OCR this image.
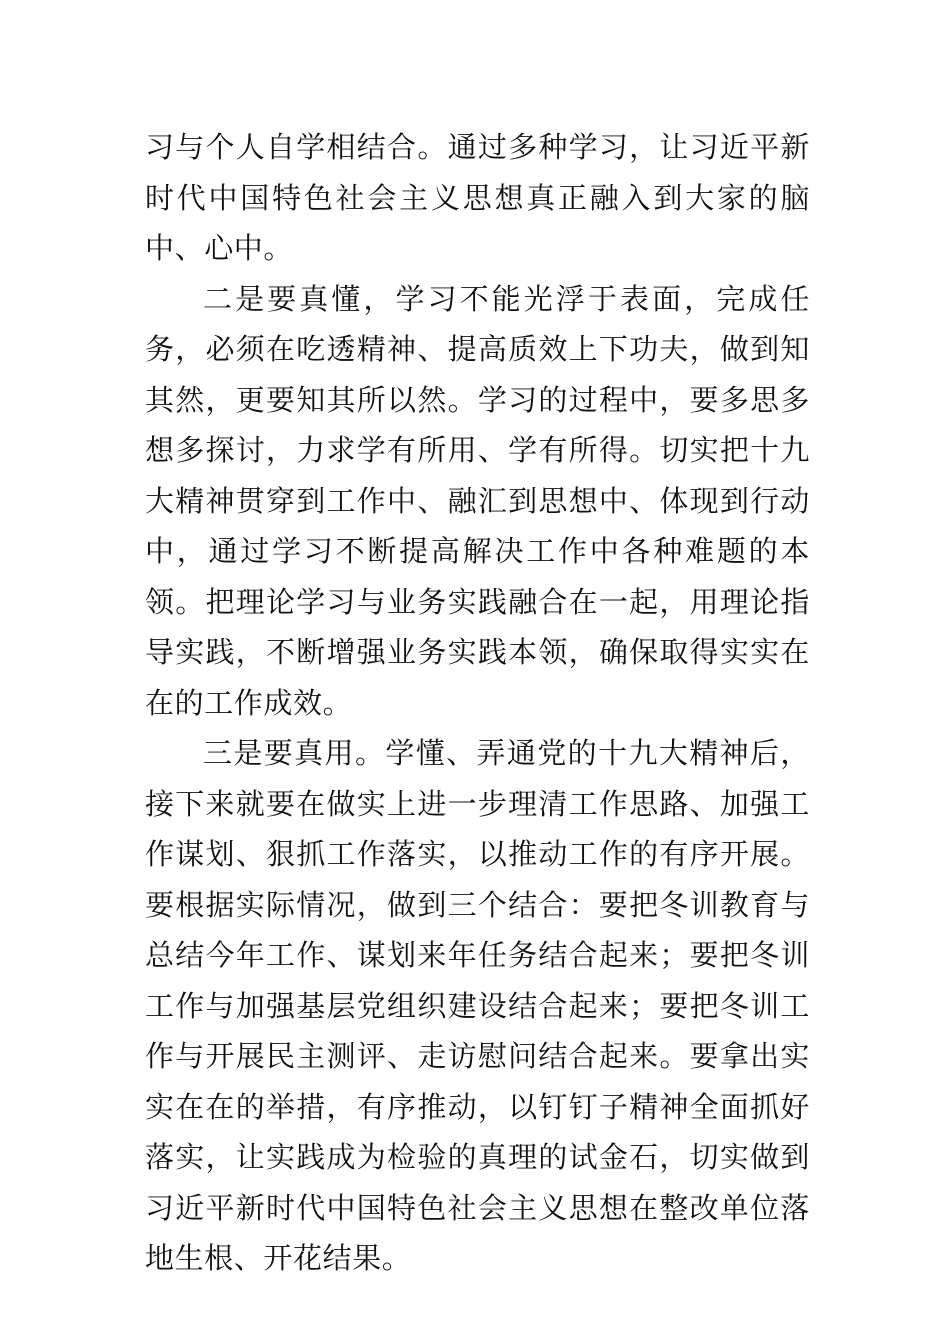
习与个人自学相结合。通过多种学习，让习近平新时代中国特色社会主义思想真正融入到大家的脑中、心中。

二是要真懂，学习不能光浮于表面，完成任务，必须在吃透精神、提高质效上下功夫，做到知其然，更要知其所以然。学习的过程中，要多思多想多探讨，力求学有所用、学有所得。切实把十九大精神贯穿到工作中、融汇到思想中、体现到行动中，通过学习不断提高解决工作中各种难题的本领。把理论学习与业务实践融合在一起，用理论指导实践，不断增强业务实践本领，确保取得实实在在的工作成效。

三是要真用。学懂、弄通党的十九大精神后，接下来就要在做实上进一步理清工作思路、加强工作谋划、狠抓工作落实，以推动工作的有序开展。要根据实际情况，做到三个结合：要把冬训教育与总结今年工作、谋划来年任务结合起来；要把冬训工作与加强基层党组织建设结合起来；要把冬训工作与开展民主测评、走访慰问结合起来。要拿出实实在在的举措，有序推动，以钉钉子精神全面抓好落实，让实践成为检验的真理的试金石，切实做到习近平新时代中国特色社会主义思想在整改单位落地生根、开花结果。
